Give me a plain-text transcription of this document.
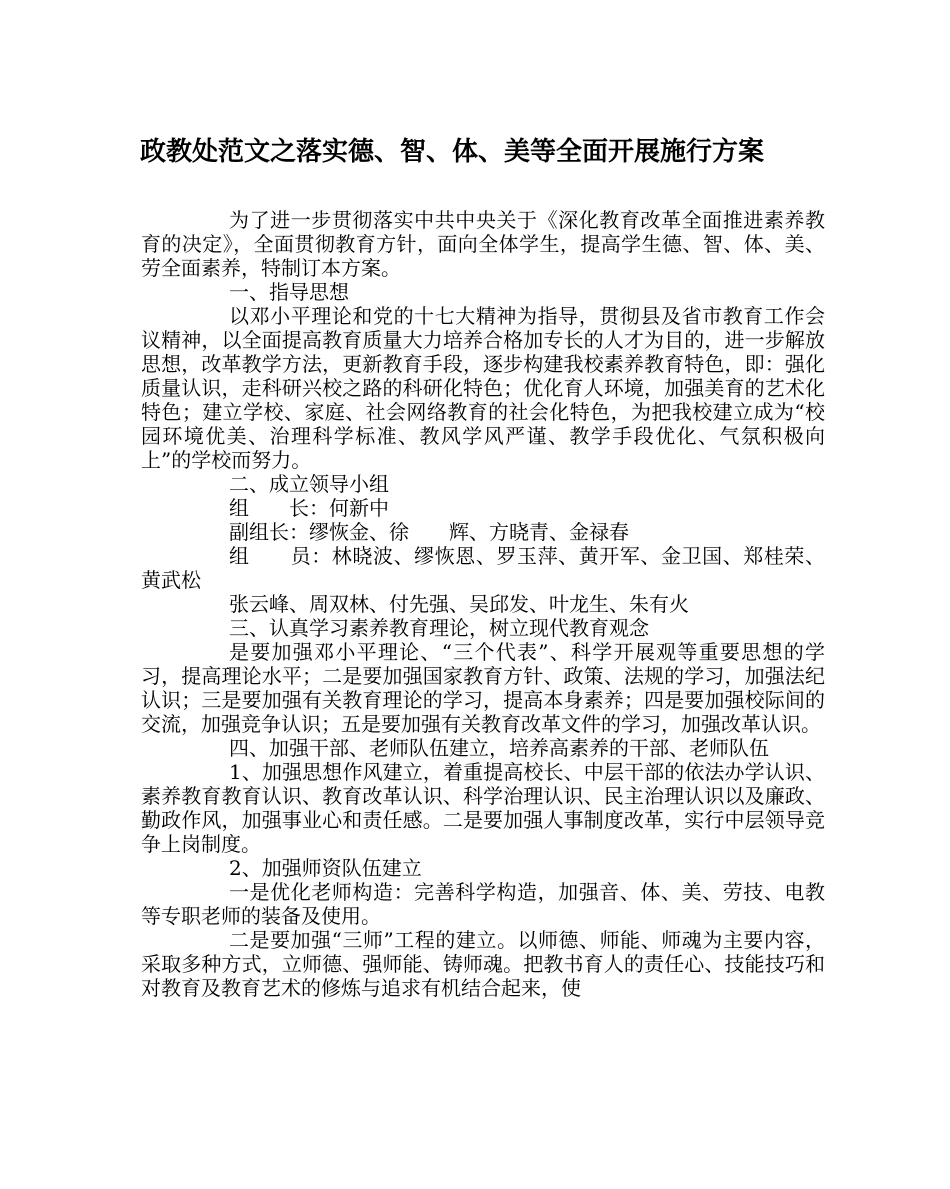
政教处范文之落实德、智、体、美等全面开展施行方案

为了进一步贯彻落实中共中央关于《深化教育改革全面推进素养教育的决定》，全面贯彻教育方针，面向全体学生，提高学生德、智、体、美、劳全面素养，特制订本方案。

一、指导思想

以邓小平理论和党的十七大精神为指导，贯彻县及省市教育工作会议精神，以全面提高教育质量大力培养合格加专长的人才为目的，进一步解放思想，改革教学方法，更新教育手段，逐步构建我校素养教育特色，即：强化质量认识，走科研兴校之路的科研化特色；优化育人环境，加强美育的艺术化特色；建立学校、家庭、社会网络教育的社会化特色，为把我校建立成为“校园环境优美、治理科学标准、教风学风严谨、教学手段优化、气氛积极向上”的学校而努力。

二、成立领导小组

组　　长：何新中

副组长：缪恢金、徐　　辉、方晓青、金禄春

组　　员：林晓波、缪恢恩、罗玉萍、黄开军、金卫国、郑桂荣、黄武松

张云峰、周双林、付先强、吴邱发、叶龙生、朱有火

三、认真学习素养教育理论，树立现代教育观念

是要加强邓小平理论、“三个代表”、科学开展观等重要思想的学习，提高理论水平；二是要加强国家教育方针、政策、法规的学习，加强法纪认识；三是要加强有关教育理论的学习，提高本身素养；四是要加强校际间的交流，加强竞争认识；五是要加强有关教育改革文件的学习，加强改革认识。

四、加强干部、老师队伍建立，培养高素养的干部、老师队伍

1、加强思想作风建立，着重提高校长、中层干部的依法办学认识、素养教育教育认识、教育改革认识、科学治理认识、民主治理认识以及廉政、勤政作风，加强事业心和责任感。二是要加强人事制度改革，实行中层领导竞争上岗制度。

2、加强师资队伍建立

一是优化老师构造：完善科学构造，加强音、体、美、劳技、电教等专职老师的装备及使用。

二是要加强“三师”工程的建立。以师德、师能、师魂为主要内容，采取多种方式，立师德、强师能、铸师魂。把教书育人的责任心、技能技巧和对教育及教育艺术的修炼与追求有机结合起来，使
